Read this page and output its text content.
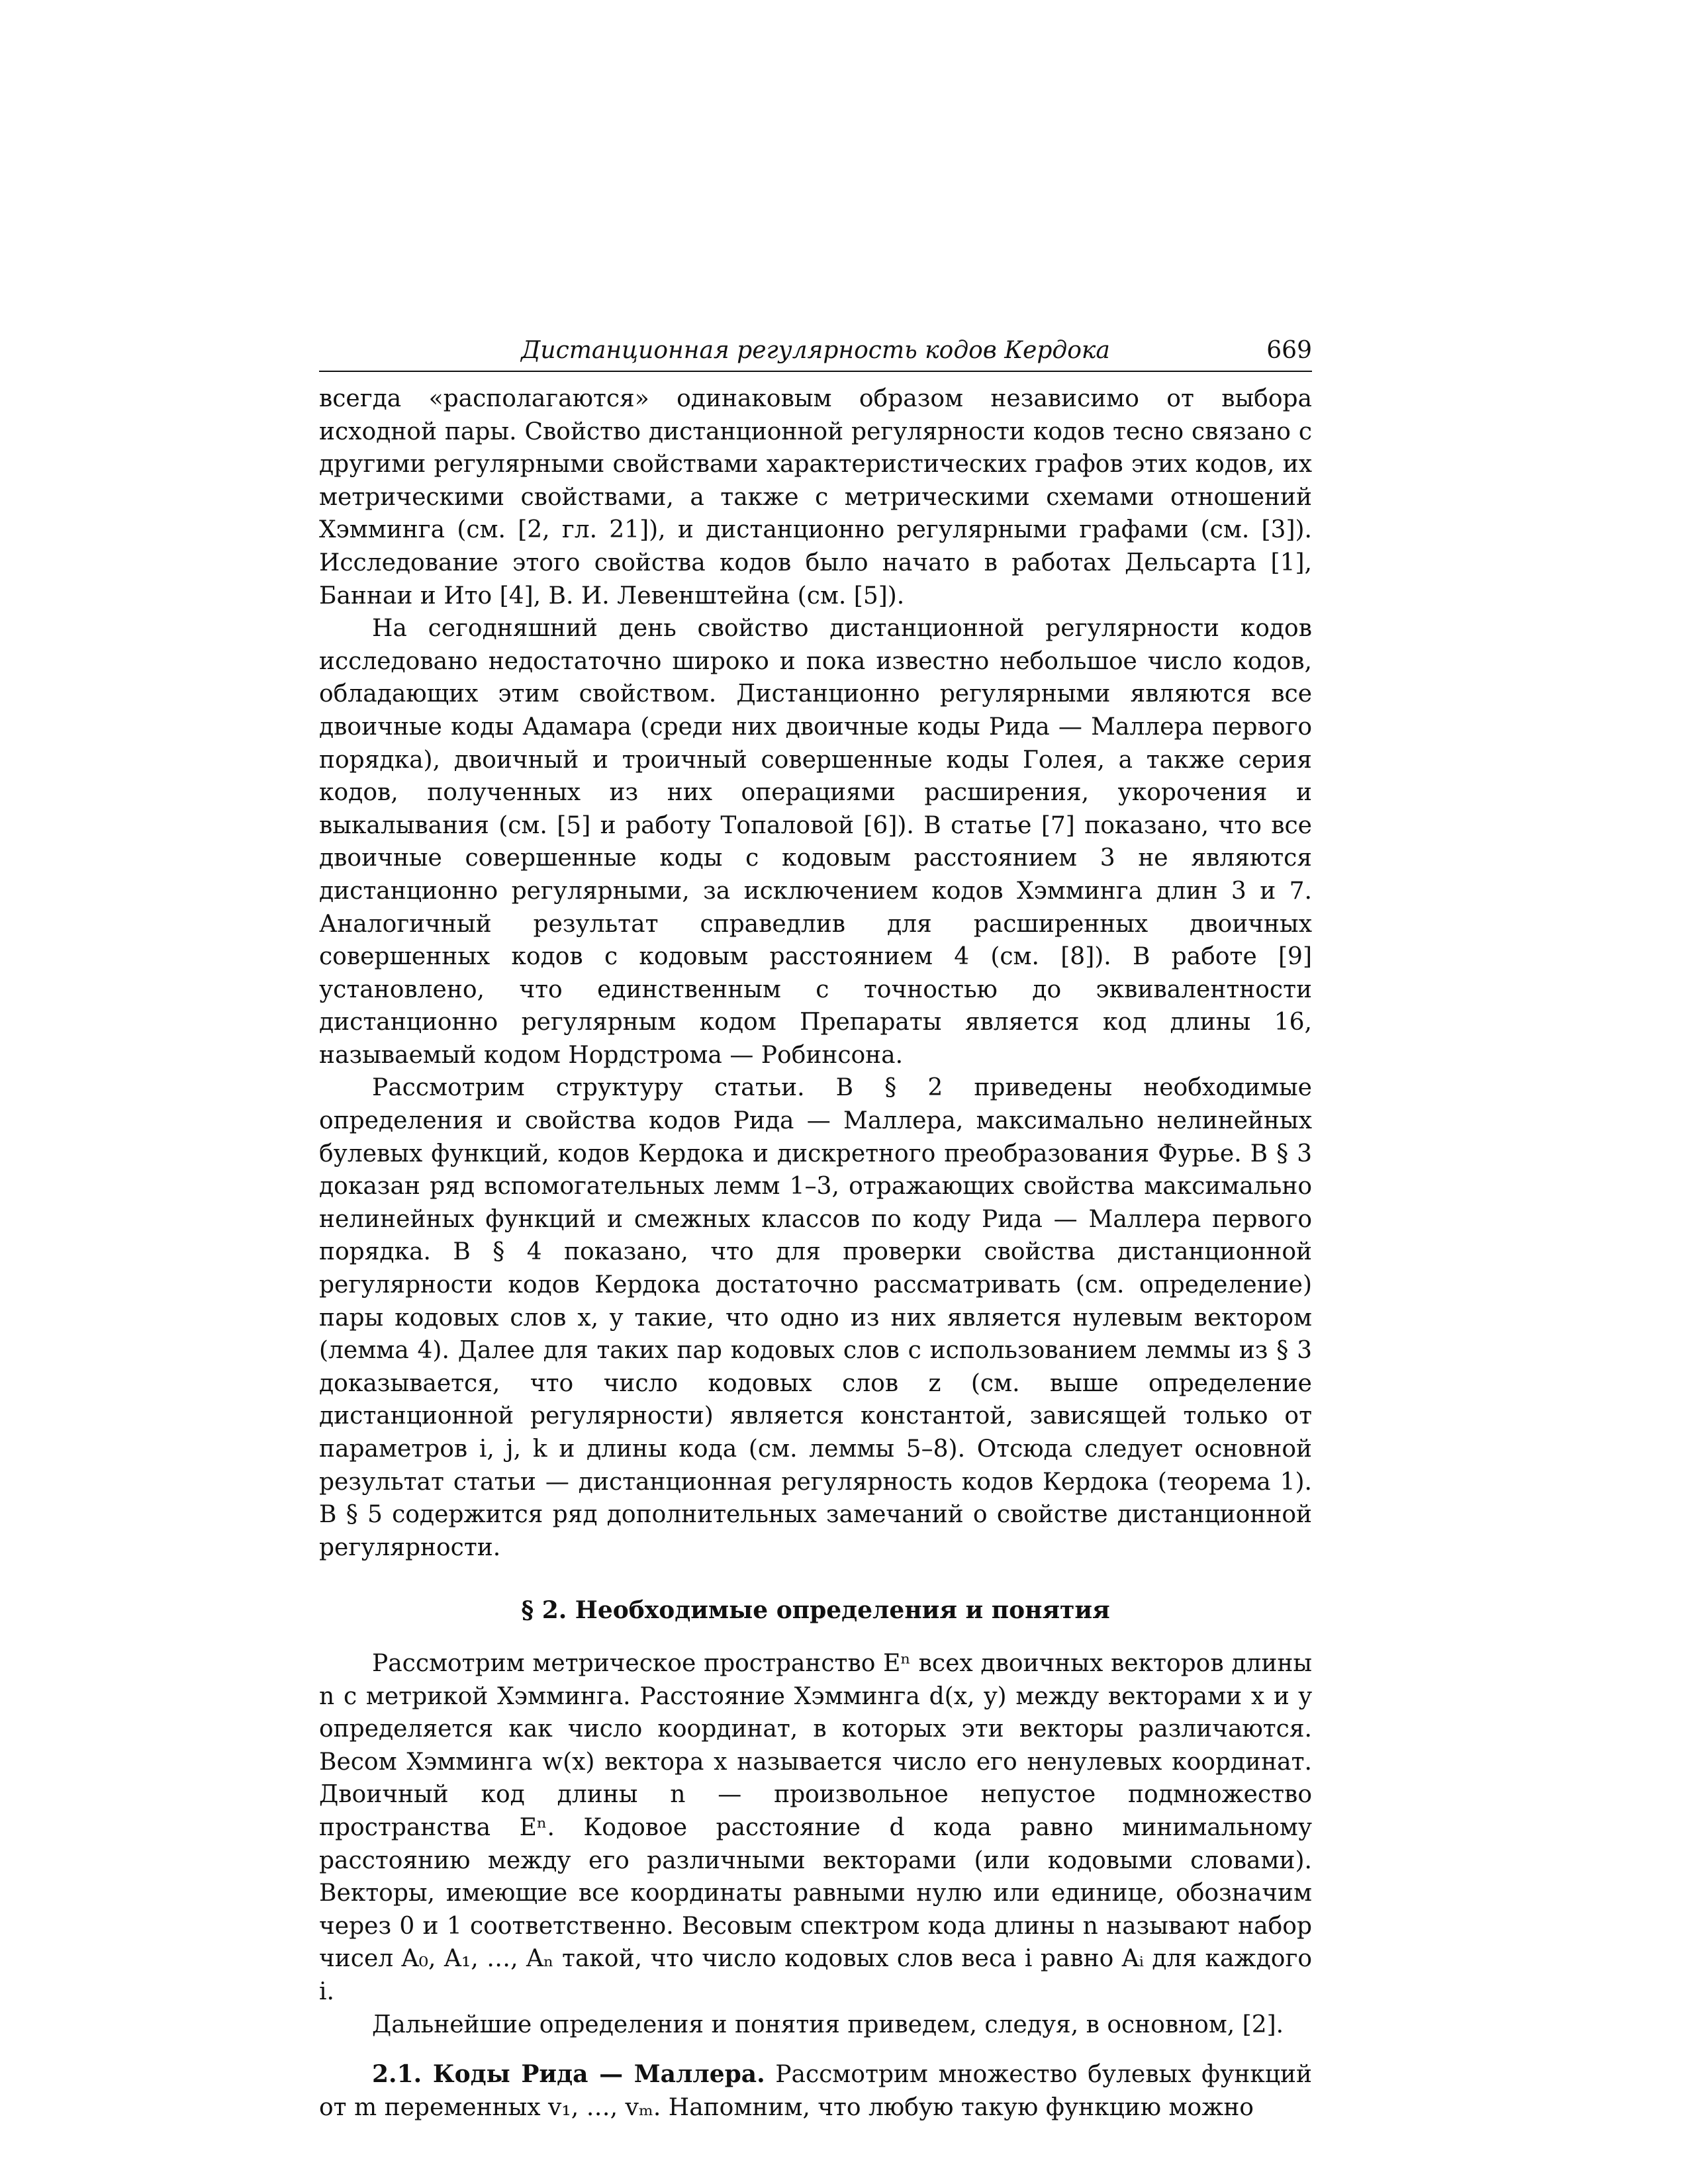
Дистанционная регулярность кодов Кердока	669

всегда «располагаются» одинаковым образом независимо от выбора исходной пары. Свойство дистанционной регулярности кодов тесно связано с другими регулярными свойствами характеристических графов этих кодов, их метрическими свойствами, а также с метрическими схемами отношений Хэмминга (см. [2, гл. 21]), и дистанционно регулярными графами (см. [3]). Исследование этого свойства кодов было начато в работах Дельсарта [1], Баннаи и Ито [4], В. И. Левенштейна (см. [5]).

На сегодняшний день свойство дистанционной регулярности кодов исследовано недостаточно широко и пока известно небольшое число кодов, обладающих этим свойством. Дистанционно регулярными являются все двоичные коды Адамара (среди них двоичные коды Рида — Маллера первого порядка), двоичный и троичный совершенные коды Голея, а также серия кодов, полученных из них операциями расширения, укорочения и выкалывания (см. [5] и работу Топаловой [6]). В статье [7] показано, что все двоичные совершенные коды с кодовым расстоянием 3 не являются дистанционно регулярными, за исключением кодов Хэмминга длин 3 и 7. Аналогичный результат справедлив для расширенных двоичных совершенных кодов с кодовым расстоянием 4 (см. [8]). В работе [9] установлено, что единственным с точностью до эквивалентности дистанционно регулярным кодом Препараты является код длины 16, называемый кодом Нордстрома — Робинсона.

Рассмотрим структуру статьи. В § 2 приведены необходимые определения и свойства кодов Рида — Маллера, максимально нелинейных булевых функций, кодов Кердока и дискретного преобразования Фурье. В § 3 доказан ряд вспомогательных лемм 1–3, отражающих свойства максимально нелинейных функций и смежных классов по коду Рида — Маллера первого порядка. В § 4 показано, что для проверки свойства дистанционной регулярности кодов Кердока достаточно рассматривать (см. определение) пары кодовых слов x, y такие, что одно из них является нулевым вектором (лемма 4). Далее для таких пар кодовых слов с использованием леммы из § 3 доказывается, что число кодовых слов z (см. выше определение дистанционной регулярности) является константой, зависящей только от параметров i, j, k и длины кода (см. леммы 5–8). Отсюда следует основной результат статьи — дистанционная регулярность кодов Кердока (теорема 1). В § 5 содержится ряд дополнительных замечаний о свойстве дистанционной регулярности.

§ 2. Необходимые определения и понятия

Рассмотрим метрическое пространство Eⁿ всех двоичных векторов длины n с метрикой Хэмминга. Расстояние Хэмминга d(x, y) между векторами x и y определяется как число координат, в которых эти векторы различаются. Весом Хэмминга w(x) вектора x называется число его ненулевых координат. Двоичный код длины n — произвольное непустое подмножество пространства Eⁿ. Кодовое расстояние d кода равно минимальному расстоянию между его различными векторами (или кодовыми словами). Векторы, имеющие все координаты равными нулю или единице, обозначим через 0 и 1 соответственно. Весовым спектром кода длины n называют набор чисел A₀, A₁, …, Aₙ такой, что число кодовых слов веса i равно Aᵢ для каждого i.

Дальнейшие определения и понятия приведем, следуя, в основном, [2].

2.1. Коды Рида — Маллера. Рассмотрим множество булевых функций от m переменных v₁, …, vₘ. Напомним, что любую такую функцию можно
